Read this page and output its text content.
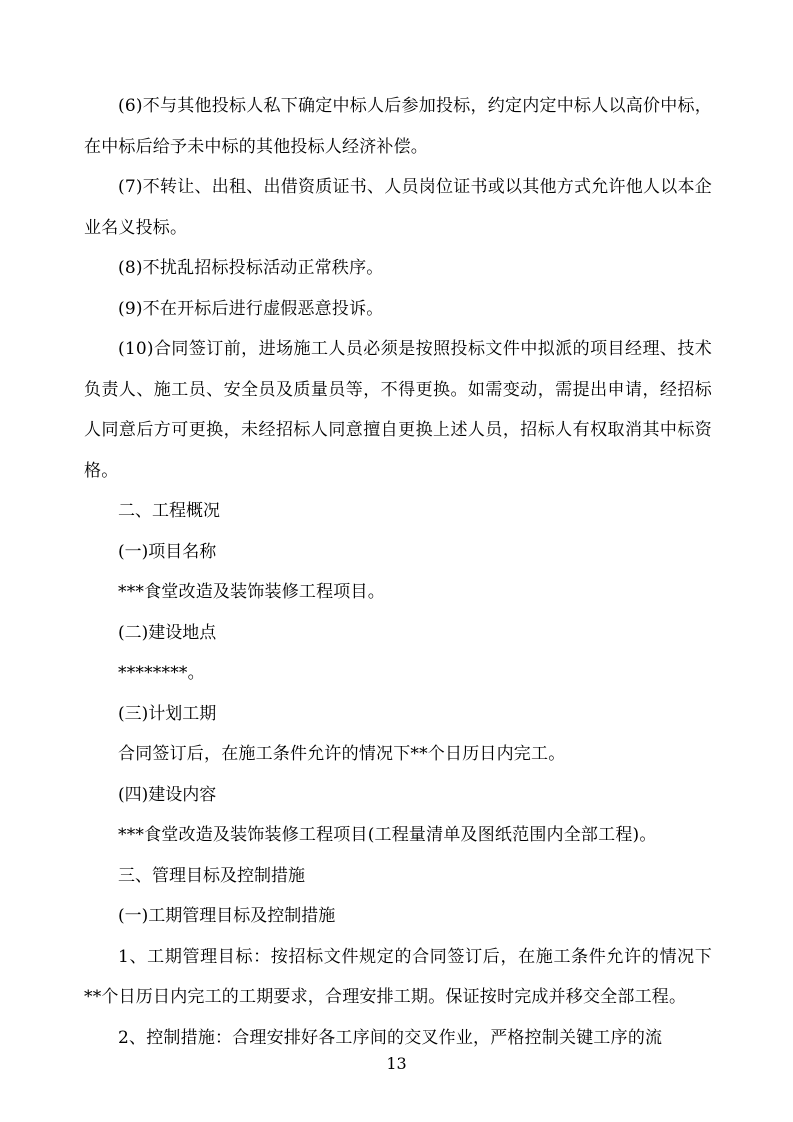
(6)不与其他投标人私下确定中标人后参加投标，约定内定中标人以高价中标，在中标后给予未中标的其他投标人经济补偿。

(7)不转让、出租、出借资质证书、人员岗位证书或以其他方式允许他人以本企业名义投标。

(8)不扰乱招标投标活动正常秩序。

(9)不在开标后进行虚假恶意投诉。

(10)合同签订前，进场施工人员必须是按照投标文件中拟派的项目经理、技术负责人、施工员、安全员及质量员等，不得更换。如需变动，需提出申请，经招标人同意后方可更换，未经招标人同意擅自更换上述人员，招标人有权取消其中标资格。

二、工程概况

(一)项目名称

***食堂改造及装饰装修工程项目。

(二)建设地点

********。

(三)计划工期

合同签订后，在施工条件允许的情况下**个日历日内完工。

(四)建设内容

***食堂改造及装饰装修工程项目(工程量清单及图纸范围内全部工程)。

三、管理目标及控制措施

(一)工期管理目标及控制措施

1、工期管理目标：按招标文件规定的合同签订后，在施工条件允许的情况下**个日历日内完工的工期要求，合理安排工期。保证按时完成并移交全部工程。

2、控制措施：合理安排好各工序间的交叉作业，严格控制关键工序的流

13
